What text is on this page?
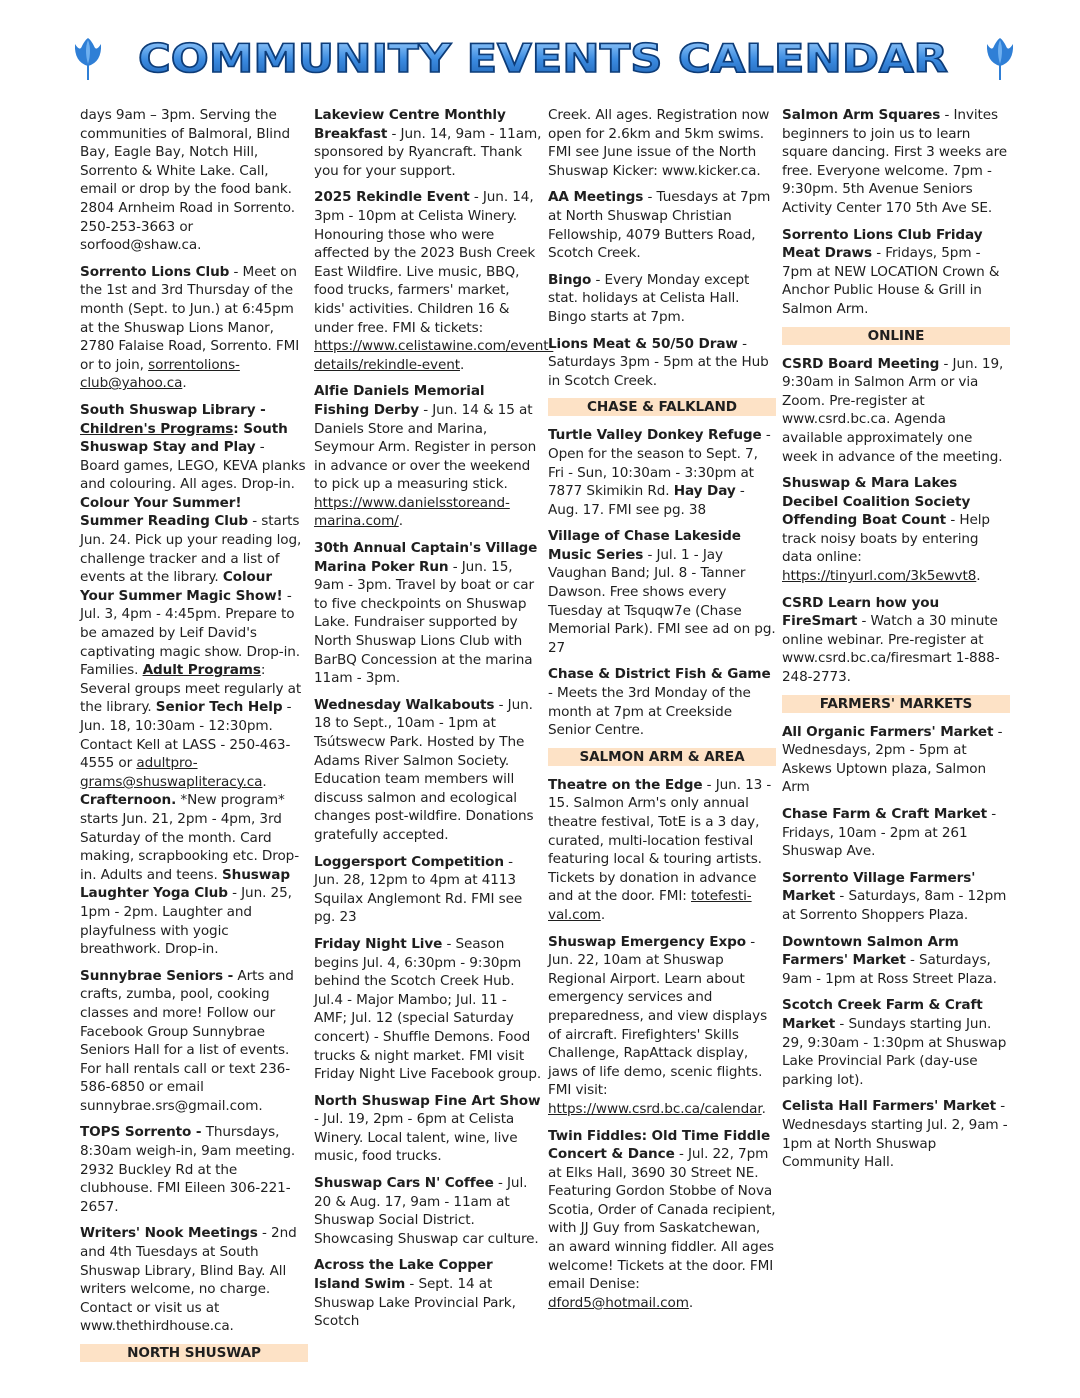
COMMUNITY EVENTS CALENDAR

days 9am – 3pm. Serving the communities of Balmoral, Blind Bay, Eagle Bay, Notch Hill, Sorrento & White Lake. Call, email or drop by the food bank. 2804 Arnheim Road in Sorrento. 250-253-3663 or sorfood@shaw.ca.

Sorrento Lions Club - Meet on the 1st and 3rd Thursday of the month (Sept. to Jun.) at 6:45pm at the Shuswap Lions Manor, 2780 Falaise Road, Sorrento. FMI or to join, sorrentolions-club@yahoo.ca.

South Shuswap Library - Children's Programs: South Shuswap Stay and Play - Board games, LEGO, KEVA planks and colouring. All ages. Drop-in. Colour Your Summer! Summer Reading Club - starts Jun. 24. Pick up your reading log, challenge tracker and a list of events at the library. Colour Your Summer Magic Show! - Jul. 3, 4pm - 4:45pm. Prepare to be amazed by Leif David's captivating magic show. Drop-in. Families. Adult Programs: Several groups meet regularly at the library. Senior Tech Help - Jun. 18, 10:30am - 12:30pm. Contact Kell at LASS - 250-463-4555 or adultpro-grams@shuswapliteracy.ca. Crafternoon. *New program* starts Jun. 21, 2pm - 4pm, 3rd Saturday of the month. Card making, scrapbooking etc. Drop-in. Adults and teens. Shuswap Laughter Yoga Club - Jun. 25, 1pm - 2pm. Laughter and playfulness with yogic breathwork. Drop-in.

Sunnybrae Seniors - Arts and crafts, zumba, pool, cooking classes and more! Follow our Facebook Group Sunnybrae Seniors Hall for a list of events. For hall rentals call or text 236-586-6850 or email sunnybrae.srs@gmail.com.

TOPS Sorrento - Thursdays, 8:30am weigh-in, 9am meeting. 2932 Buckley Rd at the clubhouse. FMI Eileen 306-221-2657.

Writers' Nook Meetings - 2nd and 4th Tuesdays at South Shuswap Library, Blind Bay. All writers welcome, no charge. Contact or visit us at www.thethirdhouse.ca.

NORTH SHUSWAP

Lakeview Centre Monthly Breakfast - Jun. 14, 9am - 11am, sponsored by Ryancraft. Thank you for your support.

2025 Rekindle Event - Jun. 14, 3pm - 10pm at Celista Winery. Honouring those who were affected by the 2023 Bush Creek East Wildfire. Live music, BBQ, food trucks, farmers' market, kids' activities. Children 16 & under free. FMI & tickets: https://www.celistawine.com/event-details/rekindle-event.

Alfie Daniels Memorial Fishing Derby - Jun. 14 & 15 at Daniels Store and Marina, Seymour Arm. Register in person in advance or over the weekend to pick up a measuring stick. https://www.danielsstoreand-marina.com/.

30th Annual Captain's Village Marina Poker Run - Jun. 15, 9am - 3pm. Travel by boat or car to five checkpoints on Shuswap Lake. Fundraiser supported by North Shuswap Lions Club with BarBQ Concession at the marina 11am - 3pm.

Wednesday Walkabouts - Jun. 18 to Sept., 10am - 1pm at Tsútswecw Park. Hosted by The Adams River Salmon Society. Education team members will discuss salmon and ecological changes post-wildfire. Donations gratefully accepted.

Loggersport Competition - Jun. 28, 12pm to 4pm at 4113 Squilax Anglemont Rd. FMI see pg. 23

Friday Night Live - Season begins Jul. 4, 6:30pm - 9:30pm behind the Scotch Creek Hub. Jul.4 - Major Mambo; Jul. 11 - AMF; Jul. 12 (special Saturday concert) - Shuffle Demons. Food trucks & night market. FMI visit Friday Night Live Facebook group.

North Shuswap Fine Art Show - Jul. 19, 2pm - 6pm at Celista Winery. Local talent, wine, live music, food trucks.

Shuswap Cars N' Coffee - Jul. 20 & Aug. 17, 9am - 11am at Shuswap Social District. Showcasing Shuswap car culture.

Across the Lake Copper Island Swim - Sept. 14 at Shuswap Lake Provincial Park, Scotch

Creek. All ages. Registration now open for 2.6km and 5km swims. FMI see June issue of the North Shuswap Kicker: www.kicker.ca.

AA Meetings - Tuesdays at 7pm at North Shuswap Christian Fellowship, 4079 Butters Road, Scotch Creek.

Bingo - Every Monday except stat. holidays at Celista Hall. Bingo starts at 7pm.

Lions Meat & 50/50 Draw - Saturdays 3pm - 5pm at the Hub in Scotch Creek.

CHASE & FALKLAND

Turtle Valley Donkey Refuge - Open for the season to Sept. 7, Fri - Sun, 10:30am - 3:30pm at 7877 Skimikin Rd. Hay Day - Aug. 17. FMI see pg. 38

Village of Chase Lakeside Music Series - Jul. 1 - Jay Vaughan Band; Jul. 8 - Tanner Dawson. Free shows every Tuesday at Tsquqw7e (Chase Memorial Park). FMI see ad on pg. 27

Chase & District Fish & Game - Meets the 3rd Monday of the month at 7pm at Creekside Senior Centre.

SALMON ARM & AREA

Theatre on the Edge - Jun. 13 - 15. Salmon Arm's only annual theatre festival, TotE is a 3 day, curated, multi-location festival featuring local & touring artists. Tickets by donation in advance and at the door. FMI: totefesti-val.com.

Shuswap Emergency Expo - Jun. 22, 10am at Shuswap Regional Airport. Learn about emergency services and preparedness, and view displays of aircraft. Firefighters' Skills Challenge, RapAttack display, jaws of life demo, scenic flights. FMI visit: https://www.csrd.bc.ca/calendar.

Twin Fiddles: Old Time Fiddle Concert & Dance - Jul. 22, 7pm at Elks Hall, 3690 30 Street NE. Featuring Gordon Stobbe of Nova Scotia, Order of Canada recipient, with JJ Guy from Saskatchewan, an award winning fiddler. All ages welcome! Tickets at the door. FMI email Denise: dford5@hotmail.com.

Salmon Arm Squares - Invites beginners to join us to learn square dancing. First 3 weeks are free. Everyone welcome. 7pm - 9:30pm. 5th Avenue Seniors Activity Center 170 5th Ave SE.

Sorrento Lions Club Friday Meat Draws - Fridays, 5pm - 7pm at NEW LOCATION Crown & Anchor Public House & Grill in Salmon Arm.

ONLINE

CSRD Board Meeting - Jun. 19, 9:30am in Salmon Arm or via Zoom. Pre-register at www.csrd.bc.ca. Agenda available approximately one week in advance of the meeting.

Shuswap & Mara Lakes Decibel Coalition Society Offending Boat Count - Help track noisy boats by entering data online: https://tinyurl.com/3k5ewvt8.

CSRD Learn how you FireSmart - Watch a 30 minute online webinar. Pre-register at www.csrd.bc.ca/firesmart 1-888-248-2773.

FARMERS' MARKETS

All Organic Farmers' Market - Wednesdays, 2pm - 5pm at Askews Uptown plaza, Salmon Arm

Chase Farm & Craft Market - Fridays, 10am - 2pm at 261 Shuswap Ave.

Sorrento Village Farmers' Market - Saturdays, 8am - 12pm at Sorrento Shoppers Plaza.

Downtown Salmon Arm Farmers' Market - Saturdays, 9am - 1pm at Ross Street Plaza.

Scotch Creek Farm & Craft Market - Sundays starting Jun. 29, 9:30am - 1:30pm at Shuswap Lake Provincial Park (day-use parking lot).

Celista Hall Farmers' Market - Wednesdays starting Jul. 2, 9am - 1pm at North Shuswap Community Hall.
